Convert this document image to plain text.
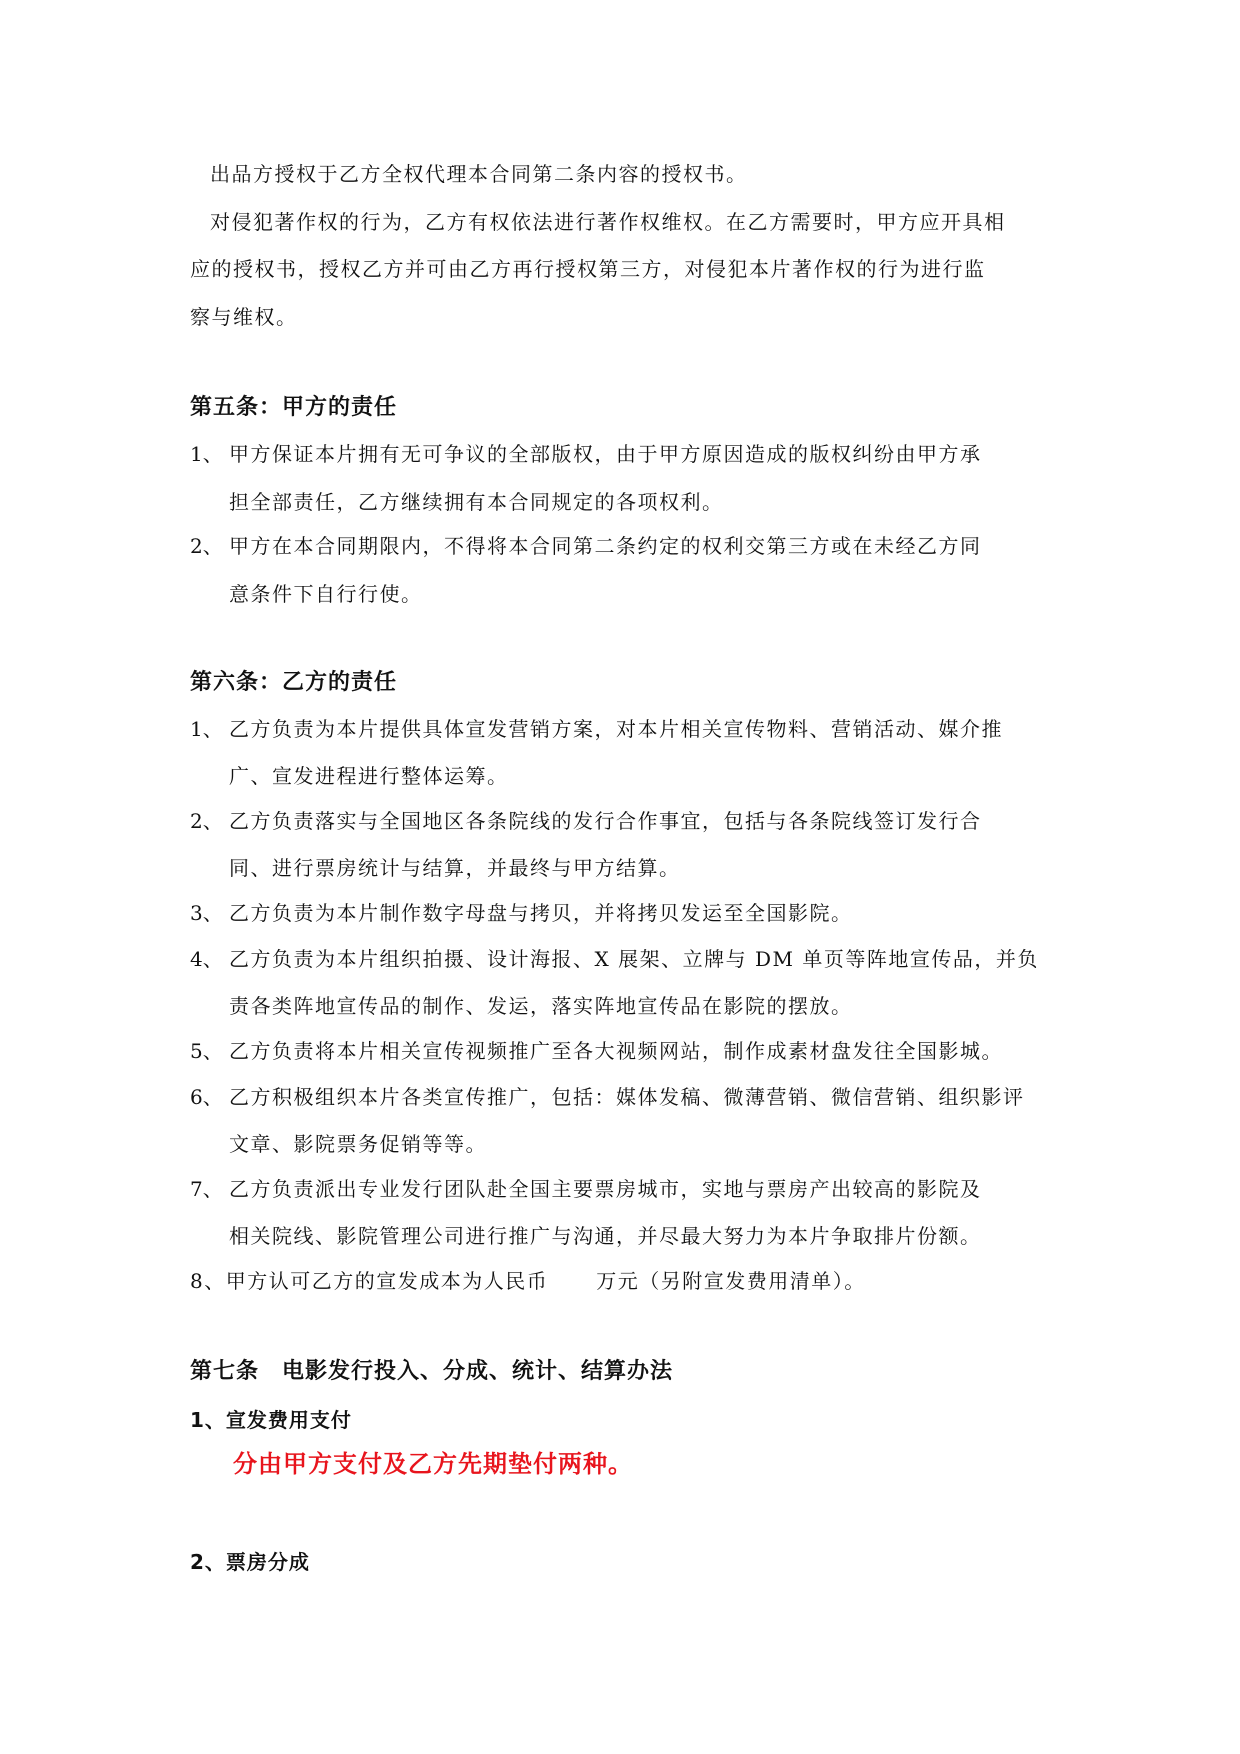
出品方授权于乙方全权代理本合同第二条内容的授权书。
对侵犯著作权的行为，乙方有权依法进行著作权维权。在乙方需要时，甲方应开具相
应的授权书，授权乙方并可由乙方再行授权第三方，对侵犯本片著作权的行为进行监
察与维权。
第五条：甲方的责任
1、 甲方保证本片拥有无可争议的全部版权，由于甲方原因造成的版权纠纷由甲方承
担全部责任，乙方继续拥有本合同规定的各项权利。
2、 甲方在本合同期限内，不得将本合同第二条约定的权利交第三方或在未经乙方同
意条件下自行行使。
第六条：乙方的责任
1、 乙方负责为本片提供具体宣发营销方案，对本片相关宣传物料、营销活动、媒介推
广、宣发进程进行整体运筹。
2、 乙方负责落实与全国地区各条院线的发行合作事宜，包括与各条院线签订发行合
同、进行票房统计与结算，并最终与甲方结算。
3、 乙方负责为本片制作数字母盘与拷贝，并将拷贝发运至全国影院。
4、 乙方负责为本片组织拍摄、设计海报、X 展架、立牌与 DM 单页等阵地宣传品，并负
责各类阵地宣传品的制作、发运，落实阵地宣传品在影院的摆放。
5、 乙方负责将本片相关宣传视频推广至各大视频网站，制作成素材盘发往全国影城。
6、 乙方积极组织本片各类宣传推广，包括：媒体发稿、微薄营销、微信营销、组织影评
文章、影院票务促销等等。
7、 乙方负责派出专业发行团队赴全国主要票房城市，实地与票房产出较高的影院及
相关院线、影院管理公司进行推广与沟通，并尽最大努力为本片争取排片份额。
8、甲方认可乙方的宣发成本为人民币 万元（另附宣发费用清单）。
第七条　电影发行投入、分成、统计、结算办法
1、宣发费用支付
分由甲方支付及乙方先期垫付两种。
2、票房分成
